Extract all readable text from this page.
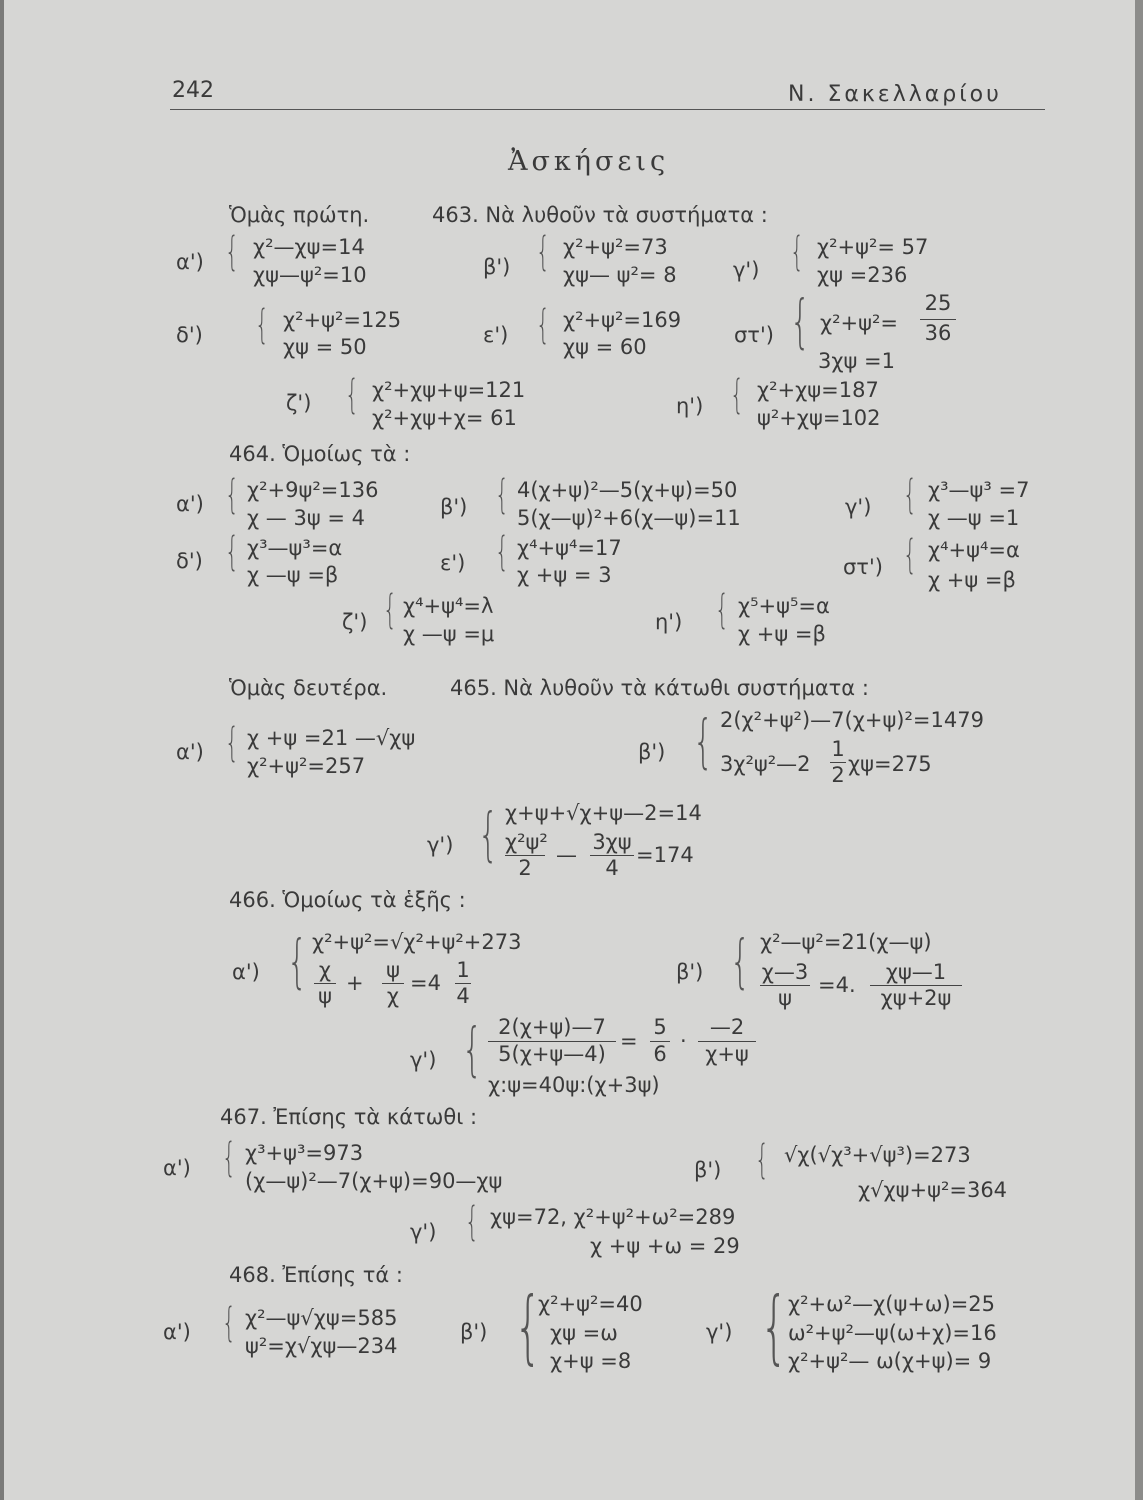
242	Ν. Σακελλαρίου
Ἀσκήσεις
Ὁμὰς πρώτη.	463. Νὰ λυθοῦν τὰ συστήματα :
α') { χ²—χψ=14
χψ—ψ²=10	β') { χ²+ψ²=73
χψ— ψ²= 8	γ') { χ²+ψ²= 57
χψ =236
δ') { χ²+ψ²=125
χψ = 50	ε') { χ²+ψ²=169
χψ = 60	στ') { χ²+ψ²=
25
36
3χψ =1
ζ') { χ²+χψ+ψ=121
χ²+χψ+χ= 61	η') { χ²+χψ=187
ψ²+χψ=102
464. Ὁμοίως τὰ :
α') { χ²+9ψ²=136
χ — 3ψ = 4	β') { 4(χ+ψ)²—5(χ+ψ)=50
5(χ—ψ)²+6(χ—ψ)=11	γ') { χ³—ψ³ =7
χ —ψ =1
δ') { χ³—ψ³=α
χ —ψ =β	ε') { χ⁴+ψ⁴=17
χ +ψ = 3	στ') { χ⁴+ψ⁴=α
χ +ψ =β
ζ') { χ⁴+ψ⁴=λ
χ —ψ =μ	η') { χ⁵+ψ⁵=α
χ +ψ =β
Ὁμὰς δευτέρα.	465. Νὰ λυθοῦν τὰ κάτωθι συστήματα :
α') { χ +ψ =21 —√χψ
χ²+ψ²=257
β') { 2(χ²+ψ²)—7(χ+ψ)²=1479
3χ²ψ²—2
1
2 χψ=275
γ') { χ+ψ+√χ+ψ—2=14
χ²ψ²
2
—
3χψ
4
=174
466. Ὁμοίως τὰ ἑξῆς :
α') { χ²+ψ²=√χ²+ψ²+273
χ
ψ
+
ψ
χ
=4
1
4
β') { χ²—ψ²=21(χ—ψ)
χ—3
ψ
=4.
χψ—1
χψ+2ψ
γ') { 2(χ+ψ)—7
5(χ+ψ—4)
=
5
6
·
—2
χ+ψ
χ:ψ=40ψ:(χ+3ψ)
467. Ἐπίσης τὰ κάτωθι :
α') { χ³+ψ³=973
(χ—ψ)²—7(χ+ψ)=90—χψ	β') { √χ(√χ³+√ψ³)=273
χ√χψ+ψ²=364
γ') { χψ=72, χ²+ψ²+ω²=289
χ +ψ +ω = 29
468. Ἐπίσης τά :
α') { χ²—ψ√χψ=585
ψ²=χ√χψ—234
β') {
χ²+ψ²=40
χψ =ω
χ+ψ =8
γ') { χ²+ω²—χ(ψ+ω)=25
ω²+ψ²—ψ(ω+χ)=16
χ²+ψ²— ω(χ+ψ)= 9
